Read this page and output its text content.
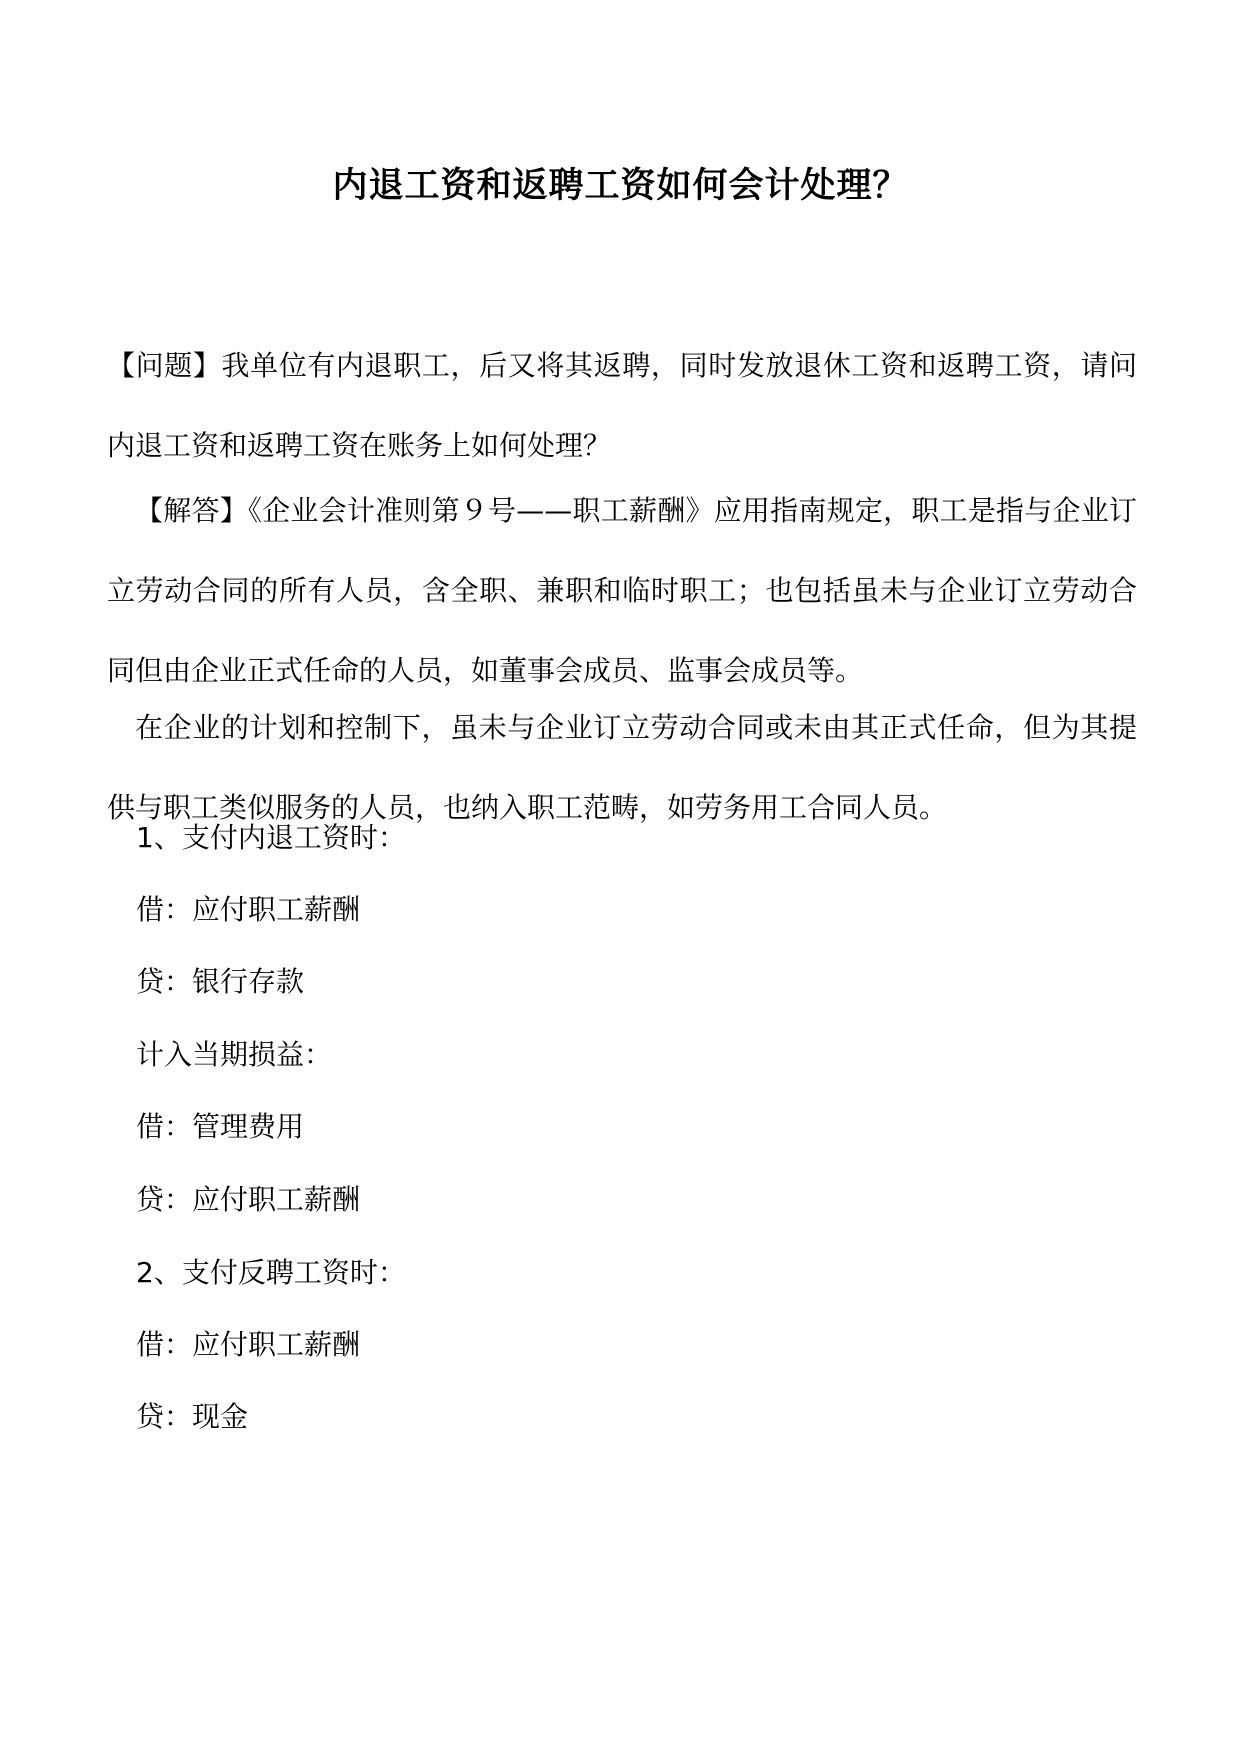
内退工资和返聘工资如何会计处理？

【问题】我单位有内退职工，后又将其返聘，同时发放退休工资和返聘工资，请问内退工资和返聘工资在账务上如何处理？

【解答】《企业会计准则第９号——职工薪酬》应用指南规定，职工是指与企业订立劳动合同的所有人员，含全职、兼职和临时职工；也包括虽未与企业订立劳动合同但由企业正式任命的人员，如董事会成员、监事会成员等。

在企业的计划和控制下，虽未与企业订立劳动合同或未由其正式任命，但为其提供与职工类似服务的人员，也纳入职工范畴，如劳务用工合同人员。

1、支付内退工资时：

借：应付职工薪酬

贷：银行存款

计入当期损益：

借：管理费用

贷：应付职工薪酬

2、支付反聘工资时：

借：应付职工薪酬

贷：现金
